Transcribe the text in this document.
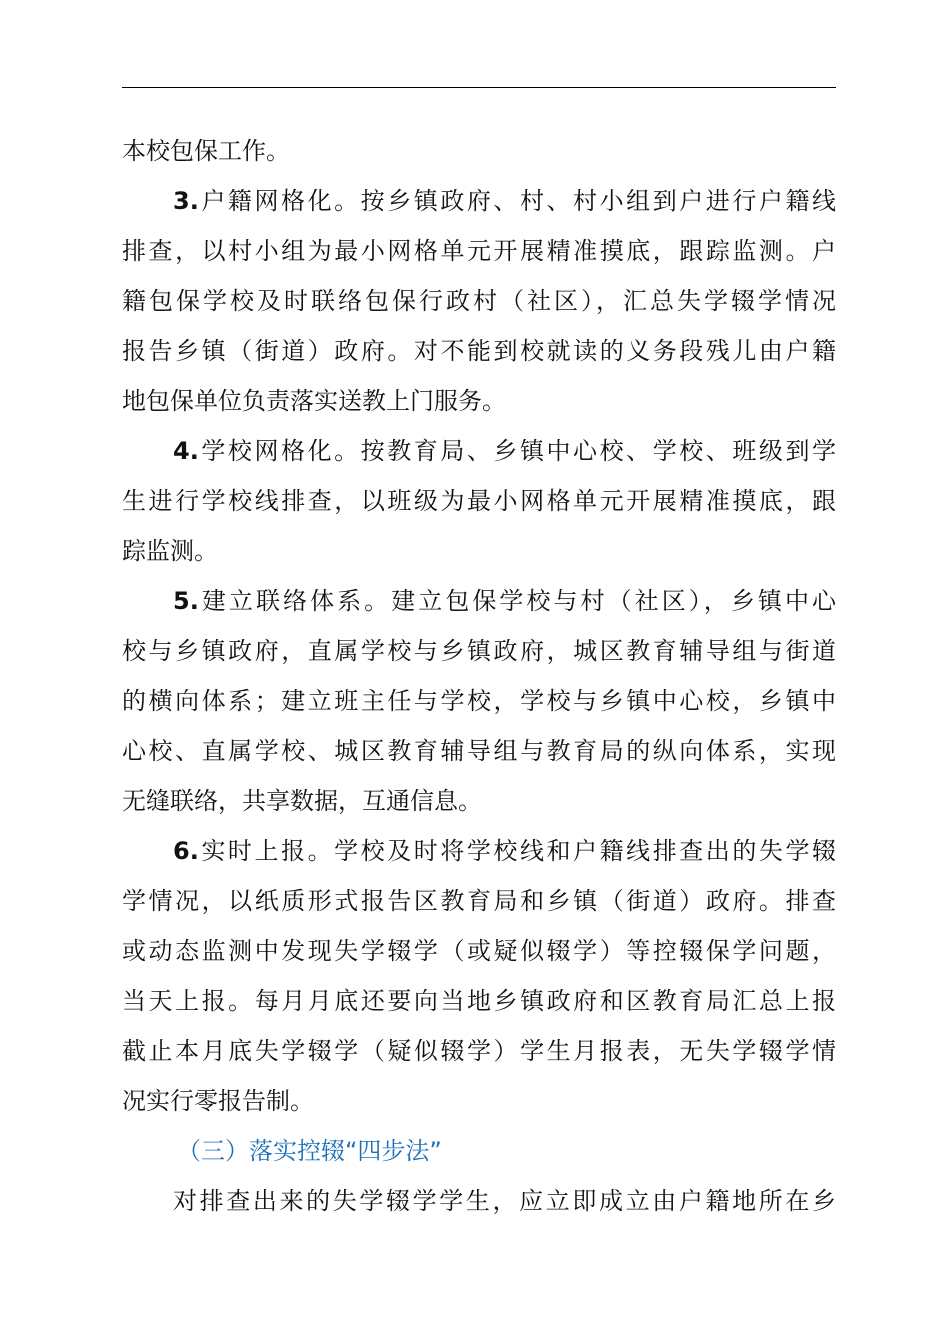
本校包保工作。
3.户籍网格化。按乡镇政府、村、村小组到户进行户籍线
排查，以村小组为最小网格单元开展精准摸底，跟踪监测。户
籍包保学校及时联络包保行政村（社区），汇总失学辍学情况
报告乡镇（街道）政府。对不能到校就读的义务段残儿由户籍
地包保单位负责落实送教上门服务。
4.学校网格化。按教育局、乡镇中心校、学校、班级到学
生进行学校线排查，以班级为最小网格单元开展精准摸底，跟
踪监测。
5.建立联络体系。建立包保学校与村（社区），乡镇中心
校与乡镇政府，直属学校与乡镇政府，城区教育辅导组与街道
的横向体系；建立班主任与学校，学校与乡镇中心校，乡镇中
心校、直属学校、城区教育辅导组与教育局的纵向体系，实现
无缝联络，共享数据，互通信息。
6.实时上报。学校及时将学校线和户籍线排查出的失学辍
学情况，以纸质形式报告区教育局和乡镇（街道）政府。排查
或动态监测中发现失学辍学（或疑似辍学）等控辍保学问题，
当天上报。每月月底还要向当地乡镇政府和区教育局汇总上报
截止本月底失学辍学（疑似辍学）学生月报表，无失学辍学情
况实行零报告制。
（三）落实控辍“四步法”
对排查出来的失学辍学学生，应立即成立由户籍地所在乡
